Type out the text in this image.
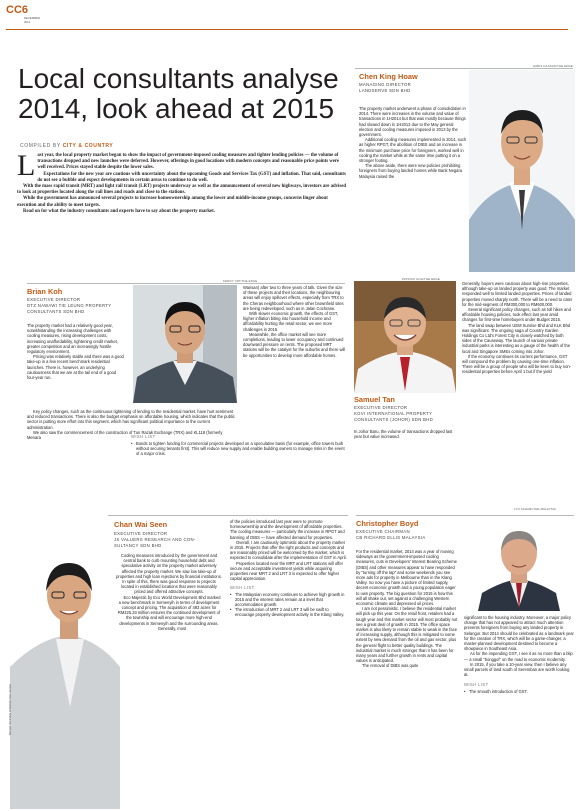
CC6
DECEMBER
2014
Local consultants analyse
2014, look ahead at 2015
COMPILED BY CITY & COUNTRY
L ast year, the local property market began to show the impact of government-imposed cooling measures and tighter lending policies — the volume of transactions dropped and new launches were deferred. However, offerings in good locations with modern concepts and reasonable price points were well received. Prices stayed stable despite the lower sales.

Expectations for the new year are cautious with uncertainty about the upcoming Goods and Services Tax (GST) and inflation. That said, consultants do not see a bubble and expect developments in certain areas to continue to do well.

With the mass rapid transit (MRT) and light rail transit (LRT) projects underway as well as the announcement of several new highways, investors are advised to look at properties located along the rail lines and roads and close to the stations.

While the government has announced several projects to increase homeownership among the lower and middle-income groups, concerns linger about execution and the ability to meet targets.

Read on for what the industry consultants and experts have to say about the property market.

HARIS HASSAN/THE EDGE
Chen King Hoaw
MANAGING DIRECTOR
LANDSERVE SDN BHD

The property market underwent a phase of consolidation in 2014. There were increases in the volume and value of transactions in 1H2014 but that was mostly because things had slowed down in 1H2013 due to the May general election and cooling measures imposed in 2013 by the government.

Additional cooling measures implemented in 2014, such as higher RPGT, the abolition of DIBS and an increase in the minimum purchase price for foreigners, worked well in cooling the market while at the same time putting it on a stronger footing.

The above aside, there were new policies prohibiting foreigners from buying landed homes while Bank Negara Malaysia raised the

KENNY YAP/THE EDGE
Brian Koh
EXECUTIVE DIRECTOR
DTZ NAWAWI TIE LEUNG PROPERTY
CONSULTANTS SDN BHD

The property market had a relatively good year, notwithstanding the increasing challenges with cooling measures, rising development costs, increasing unaffordability, tightening credit market, greater competition and an increasingly hostile regulatory environment.

Pricing was relatively stable and there was a good take-up in a few recent benchmark residential launches. There is, however, an underlying cautiousness that we are at the tail end of a good four-year run.

Key policy changes, such as the continuous tightening of lending to the residential market, have hurt sentiment and reduced transactions. There is also the budget emphasis on affordable housing, which indicates that the public sector is putting more effort into this segment, which has significant political importance to the current administration.

We also saw the commencement of the construction of Tun Razak Exchange (TRX) and KL118 (formerly Menara

Warisan) after two to three years of talk. Given the size of these projects and their locations, the neighbouring areas will enjoy spillover effects, especially from TRX to the Cheras neighbourhood where other brownfield sites are being redeveloped, such as in Jalan Cochrane.

With slower economic growth, the effects of GST, higher inflation biting into household income and affordability hurting the retail sector, we see more challenges in 2015.

Meanwhile, the office market will see more completions, leading to lower occupancy and continued downward pressure on rents. The proposed MRT stations will be the catalyst for the suburbs and there will be opportunities to develop more affordable homes.

WISH LIST
• Bonds to tighten funding for commercial projects developed on a speculative basis (for example, office towers built without securing tenants first). This will reduce new supply and enable building owners to manage risks in the event of a major crisis.
PATRICK GOH/THE EDGE
Samuel Tan
EXECUTIVE DIRECTOR
KGVI INTERNATIONAL PROPERTY
CONSULTANTS (JOHOR) SDN BHD

In Johor Baru, the volume of transactions dropped last year but value increased.

Generally, buyers were cautious about high-rise properties, although take-up on landed property was good. The market responded well to limited landed properties. Prices of landed properties moved sharply north. There will be a need to cater for the mid-segment of RM300,000 to RM600,000.

Several significant policy changes, such as toll hikes and affordable housing policies, took effect last year amid changes for first-time homebuyers under Budget 2015.

The land swap between UEM Sunrise Bhd and KLK Bhd was significant. The ongoing saga of Country Garden Holdings Co Ltd's Forest City is closely watched by both sides of the Causeway. The launch of various private industrial parks is interesting as a gauge of the health of the local and Singapore SMEs coming into Johor.

If the economy continues its current performance, GST will compound the problem by causing one-time inflation. There will be a group of people who will be keen to buy non-residential properties before April 1 but if the yield

LYN SAHARI/THE MALAYSIA
MOHD SOPIAN OSMAN/THE EDGE
Chan Wai Seen
EXECUTIVE DIRECTOR
JS VALUERS RESEARCH AND CON-
SULTANCY SDN BHD

Cooling measures introduced by the government and central bank to curb mounting household debt and speculative activity on the property market adversely affected the property market. We saw low take-up of properties and high loan rejections by financial institutions. In spite of this, there was good response to projects located in established locations that were reasonably priced and offered attractive concepts.

Eco Majestic by Eco World Development Bhd marked a new benchmark in Semenyih in terms of development concept and pricing. The acquisition of 493 acres for RM225.33 million ensures the continued development of the township and will encourage more high-end developments in Semenyih and the surrounding areas.

Generally, most

of the policies introduced last year were to promote homeownership and the development of affordable properties. The cooling measures — particularly the increase in RPGT and banning of DIBS — have affected demand for properties.

Overall, I am cautiously optimistic about the property market in 2015. Projects that offer the right products and concepts and are reasonably priced will be welcomed by the market, which is expected to consolidate after the implementation of GST in April.

Properties located near the MRT and LRT stations will offer secure and acceptable investment yields while acquiring properties near MRT 2 and LRT 3 is expected to offer higher capital appreciation.

WISH LIST
• The Malaysian economy continues to achieve high growth in 2015 and the interest rates remain at a level that accommodates growth.
• The introduction of MRT 2 and LRT 3 will be swift to encourage property development activity in the Klang Valley.
Christopher Boyd
EXECUTIVE CHAIRMAN
CB RICHARD ELLIS MALAYSIA

For the residential market, 2014 was a year of moving sideways as the government-imposed cooling measures, cuts in Developers' Interest Bearing Scheme (DIBS) and other measures appear to have responded by "turning off the tap" and some weekends you see more ads for property in Melbourne than in the Klang Valley. So now you have a picture of limited supply, decent economic growth and a young population eager to own property. The big question for 2015 is how this will all shake out, set against a challenging Western economic climate and depressed oil prices.

I am not pessimistic. I believe the residential market will pick up this year. On the retail front, retailers had a tough year and this market sector will most probably not see a great deal of growth in 2015. The office space market is also likely to remain stable to weak in the face of increasing supply, although this is mitigated to some extent by new demand from the oil and gas sector, plus the general flight to better quality buildings. The industrial market is much stronger than it has been for many years and further growth in rents and capital values is anticipated.

The removal of DIBS was quite

significant to the housing industry. Moreover, a major policy change that has not appeared to attract much attention prevents foreigners from buying any landed property in Selangor. But 2014 should be celebrated as a landmark year for the creation of TRX, which will be a game-changer, a master-planned development destined to become a showpiece in Southeast Asia.

As for the impending GST, I see it as no more than a blip — a small "bonggol" on the road to economic modernity.

In 2015, if you take a 10-year view, then I believe any small parcels of land south of Seremban are worth looking at.

WISH LIST
• The smooth introduction of GST.
